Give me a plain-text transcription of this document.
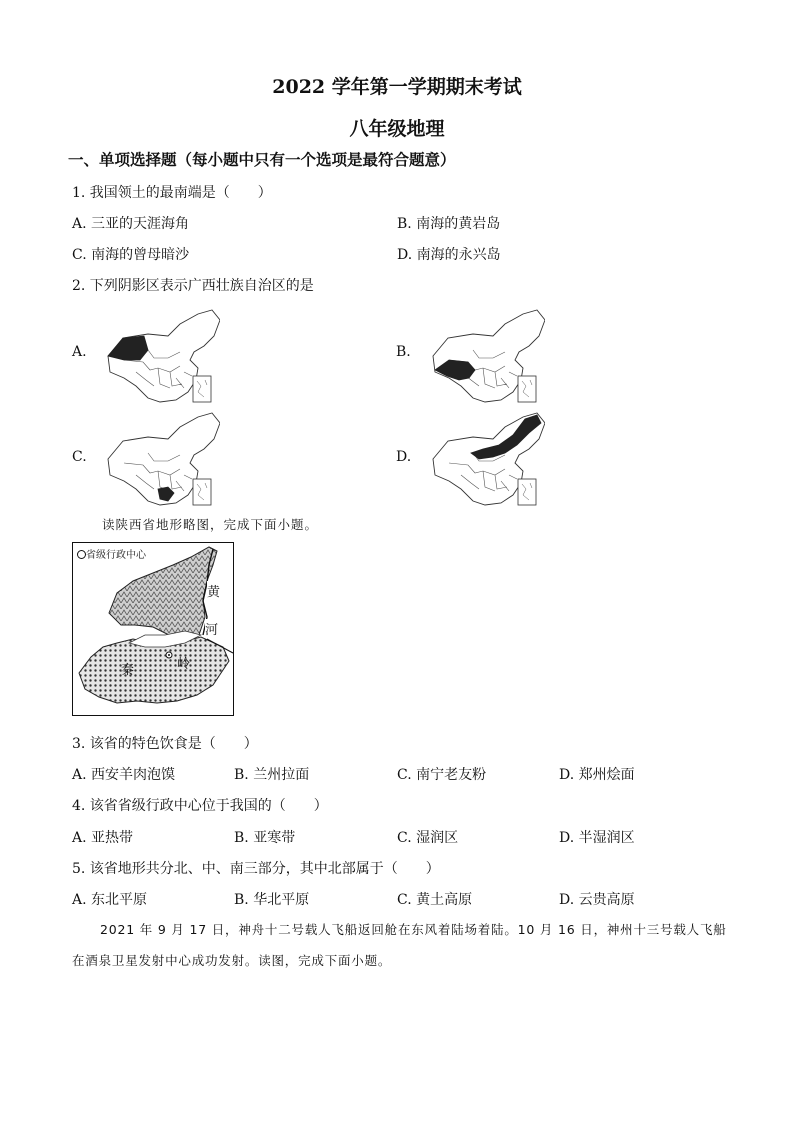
2022 学年第一学期期末考试
八年级地理
一、单项选择题（每小题中只有一个选项是最符合题意）
1. 我国领土的最南端是（　　）
A. 三亚的天涯海角	B. 南海的黄岩岛
C. 南海的曾母暗沙	D. 南海的永兴岛
2. 下列阴影区表示广西壮族自治区的是
A.	B.
C.	D.
读陕西省地形略图，完成下面小题。
省级行政中心
黄
河
秦	岭
3. 该省的特色饮食是（　　）
A. 西安羊肉泡馍	B. 兰州拉面	C. 南宁老友粉	D. 郑州烩面
4. 该省省级行政中心位于我国的（　　）
A. 亚热带	B. 亚寒带	C. 湿润区	D. 半湿润区
5. 该省地形共分北、中、南三部分，其中北部属于（　　）
A. 东北平原	B. 华北平原	C. 黄土高原	D. 云贵高原
2021 年 9 月 17 日，神舟十二号载人飞船返回舱在东风着陆场着陆。10 月 16 日，神州十三号载人飞船
在酒泉卫星发射中心成功发射。读图，完成下面小题。
